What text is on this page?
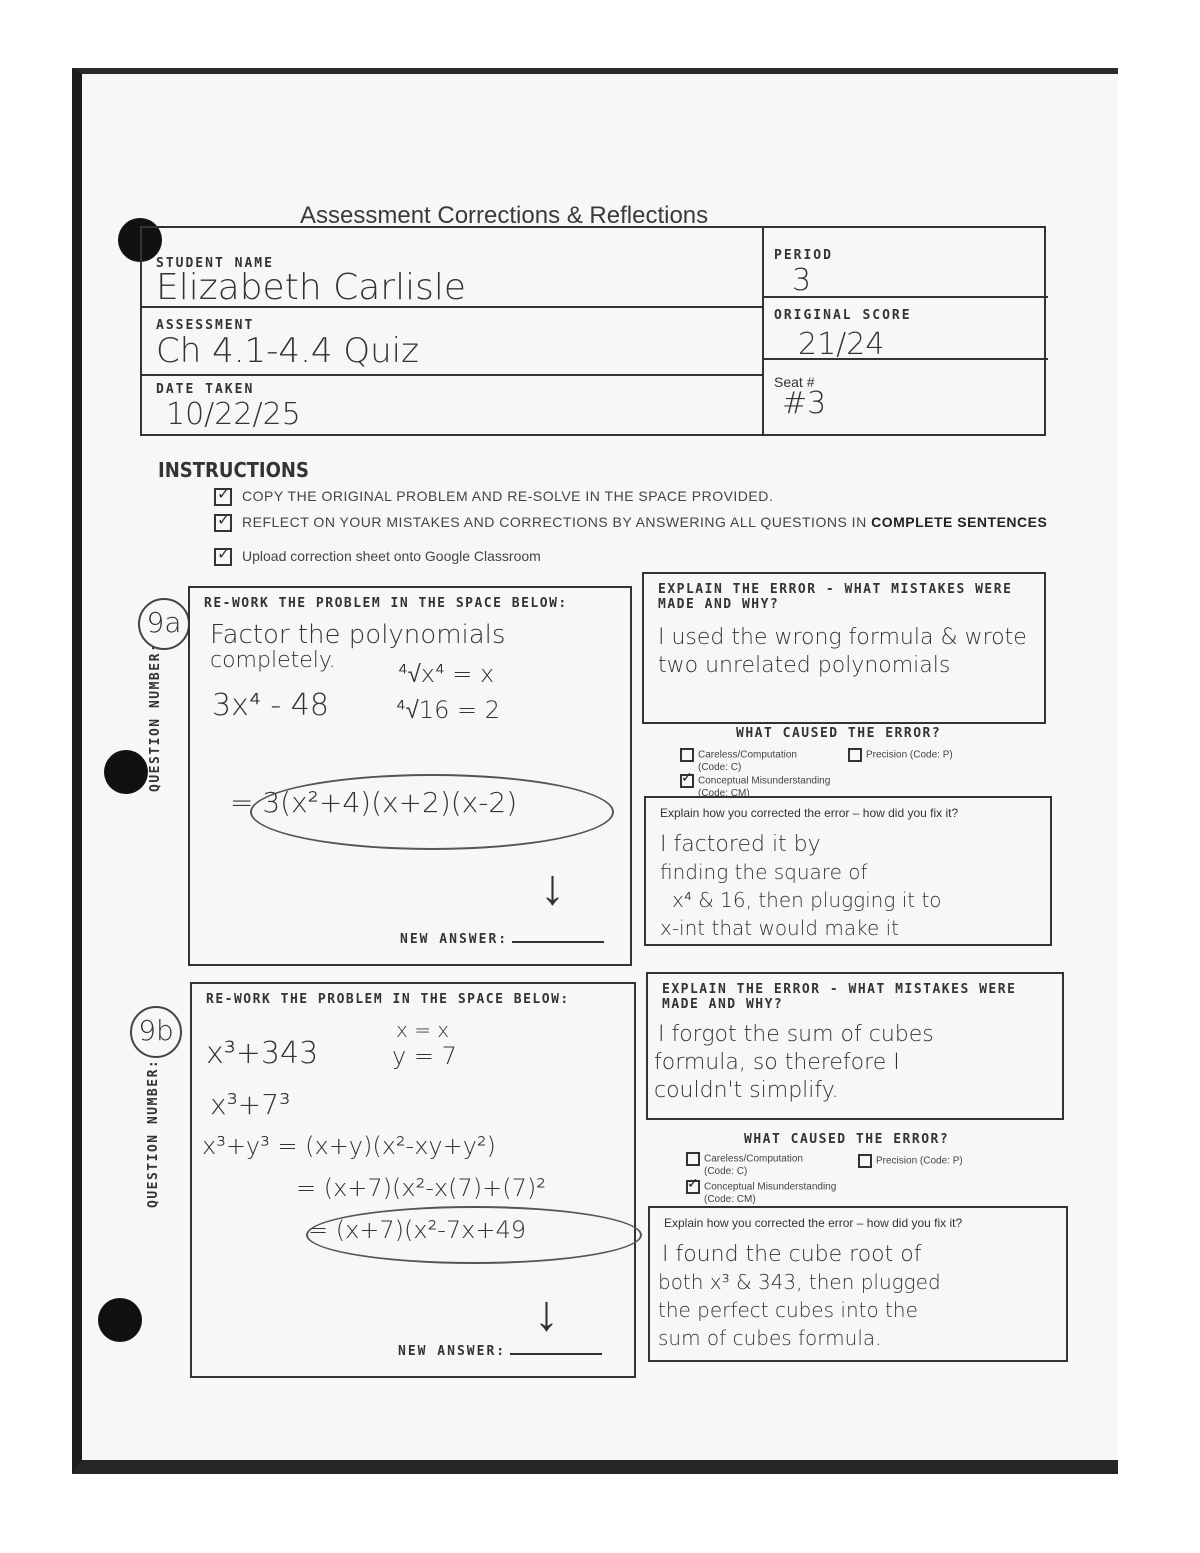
Assessment Corrections & Reflections
STUDENT NAME
Elizabeth Carlisle
PERIOD
3
ASSESSMENT
Ch 4.1-4.4 Quiz
ORIGINAL SCORE
21/24
DATE TAKEN
10/22/25
Seat #
#3
INSTRUCTIONS
✓COPY THE ORIGINAL PROBLEM AND RE-SOLVE IN THE SPACE PROVIDED.
✓REFLECT ON YOUR MISTAKES AND CORRECTIONS BY ANSWERING ALL QUESTIONS IN COMPLETE SENTENCES
✓Upload correction sheet onto Google Classroom
QUESTION NUMBER:
9a
RE-WORK THE PROBLEM IN THE SPACE BELOW:
Factor the polynomials
completely.	⁴√x⁴ = x
3x⁴ - 48	⁴√16 = 2
= 3(x²+4)(x+2)(x-2)
↓
NEW ANSWER:
EXPLAIN THE ERROR - WHAT MISTAKES WERE MADE AND WHY?
I used the wrong formula & wrote two unrelated polynomials
WHAT CAUSED THE ERROR?
Careless/Computation
(Code: C)
Precision (Code: P)
✓Conceptual Misunderstanding
(Code: CM)
Explain how you corrected the error – how did you fix it?
I factored it by
finding the square of
x⁴ & 16, then plugging it to
x-int that would make it
QUESTION NUMBER:
9b
RE-WORK THE PROBLEM IN THE SPACE BELOW:
x³+343
x = x
y = 7
x³+7³
x³+y³ = (x+y)(x²-xy+y²)
= (x+7)(x²-x(7)+(7)²
= (x+7)(x²-7x+49
↓
NEW ANSWER:
EXPLAIN THE ERROR - WHAT MISTAKES WERE MADE AND WHY?
I forgot the sum of cubes
formula, so therefore I
couldn't simplify.
WHAT CAUSED THE ERROR?
Careless/Computation
(Code: C)
Precision (Code: P)
✓Conceptual Misunderstanding
(Code: CM)
Explain how you corrected the error – how did you fix it?
I found the cube root of
both x³ & 343, then plugged
the perfect cubes into the
sum of cubes formula.
